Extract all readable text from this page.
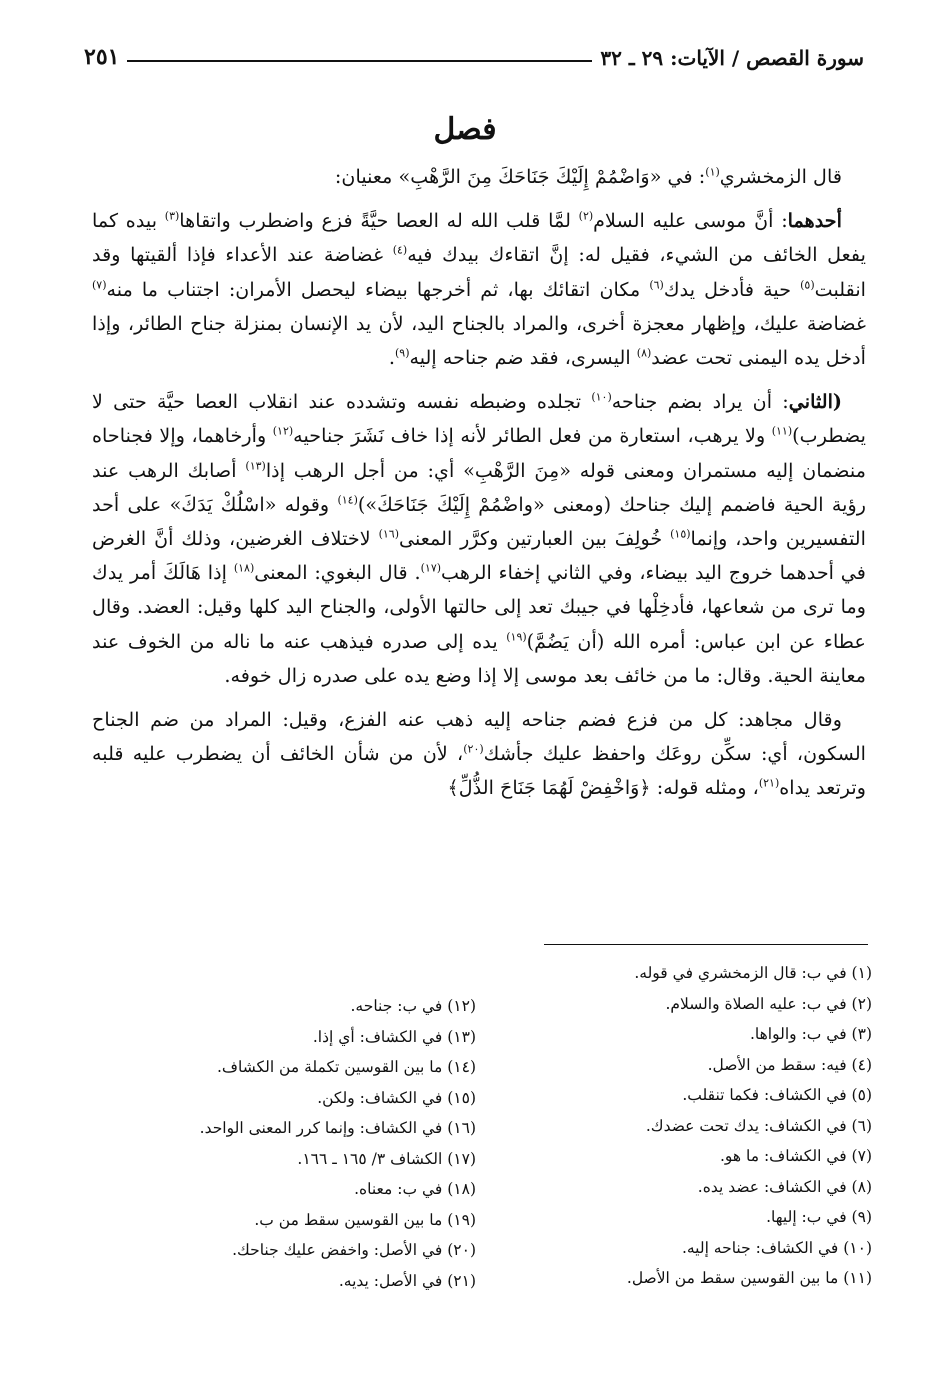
سورة القصص / الآيات: ٢٩ ـ ٣٢
٢٥١
فصل

قال الزمخشري$^{(١)}$: في «وَاضْمُمْ إِلَيْكَ جَنَاحَكَ مِنَ الرَّهْبِ» معنيان:

أحدهما: أنَّ موسى عليه السلام$^{(٢)}$ لمَّا قلب الله له العصا حيَّةً فزع واضطرب واتقاها$^{(٣)}$ بيده كما يفعل الخائف من الشيء، فقيل له: إنَّ اتقاءك بيدك فيه$^{(٤)}$ غضاضة عند الأعداء فإذا ألقيتها وقد انقلبت$^{(٥)}$ حية فأدخل يدك$^{(٦)}$ مكان اتقائك بها، ثم أخرجها بيضاء ليحصل الأمران: اجتناب ما منه$^{(٧)}$ غضاضة عليك، وإظهار معجزة أخرى، والمراد بالجناح اليد، لأن يد الإنسان بمنزلة جناح الطائر، وإذا أدخل يده اليمنى تحت عضد$^{(٨)}$ اليسرى، فقد ضم جناحه إليه$^{(٩)}$.

(الثاني: أن يراد بضم جناحه$^{(١٠)}$ تجلده وضبطه نفسه وتشدده عند انقلاب العصا حيَّة حتى لا يضطرب)$^{(١١)}$ ولا يرهب، استعارة من فعل الطائر لأنه إذا خاف نَشَرَ جناحيه$^{(١٢)}$ وأرخاهما، وإلا فجناحاه منضمان إليه مستمران ومعنى قوله «مِنَ الرَّهْبِ» أي: من أجل الرهب إذا$^{(١٣)}$ أصابك الرهب عند رؤية الحية فاضمم إليك جناحك (ومعنى «واضْمُمْ إِلَيْكَ جَنَاحَكَ»)$^{(١٤)}$ وقوله «اسْلُكْ يَدَكَ» على أحد التفسيرين واحد، وإنما$^{(١٥)}$ خُولِفَ بين العبارتين وكرَّر المعنى$^{(١٦)}$ لاختلاف الغرضين، وذلك أنَّ الغرض في أحدهما خروج اليد بيضاء، وفي الثاني إخفاء الرهب$^{(١٧)}$. قال البغوي: المعنى$^{(١٨)}$ إذا هَالَكَ أمر يدك وما ترى من شعاعها، فأدخِلْها في جيبك تعد إلى حالتها الأولى، والجناح اليد كلها وقيل: العضد. وقال عطاء عن ابن عباس: أمره الله (أن يَضُمَّ)$^{(١٩)}$ يده إلى صدره فيذهب عنه ما ناله من الخوف عند معاينة الحية. وقال: ما من خائف بعد موسى إلا إذا وضع يده على صدره زال خوفه.

وقال مجاهد: كل من فزع فضم جناحه إليه ذهب عنه الفزع، وقيل: المراد من ضم الجناح السكون، أي: سكِّن روعَك واحفظ عليك جأشك$^{(٢٠)}$، لأن من شأن الخائف أن يضطرب عليه قلبه وترتعد يداه$^{(٢١)}$، ومثله قوله: ﴿وَاخْفِضْ لَهُمَا جَنَاحَ الذُّلِّ﴾

(١) في ب: قال الزمخشري في قوله.
(٢) في ب: عليه الصلاة والسلام.
(٣) في ب: والواها.
(٤) فيه: سقط من الأصل.
(٥) في الكشاف: فكما تنقلب.
(٦) في الكشاف: يدك تحت عضدك.
(٧) في الكشاف: ما هو.
(٨) في الكشاف: عضد يده.
(٩) في ب: إليها.
(١٠) في الكشاف: جناحه إليه.
(١١) ما بين القوسين سقط من الأصل.
(١٢) في ب: جناحه.
(١٣) في الكشاف: أي إذا.
(١٤) ما بين القوسين تكملة من الكشاف.
(١٥) في الكشاف: ولكن.
(١٦) في الكشاف: وإنما كرر المعنى الواحد.
(١٧) الكشاف ٣/ ١٦٥ ـ ١٦٦.
(١٨) في ب: معناه.
(١٩) ما بين القوسين سقط من ب.
(٢٠) في الأصل: واخفض عليك جناحك.
(٢١) في الأصل: يديه.
